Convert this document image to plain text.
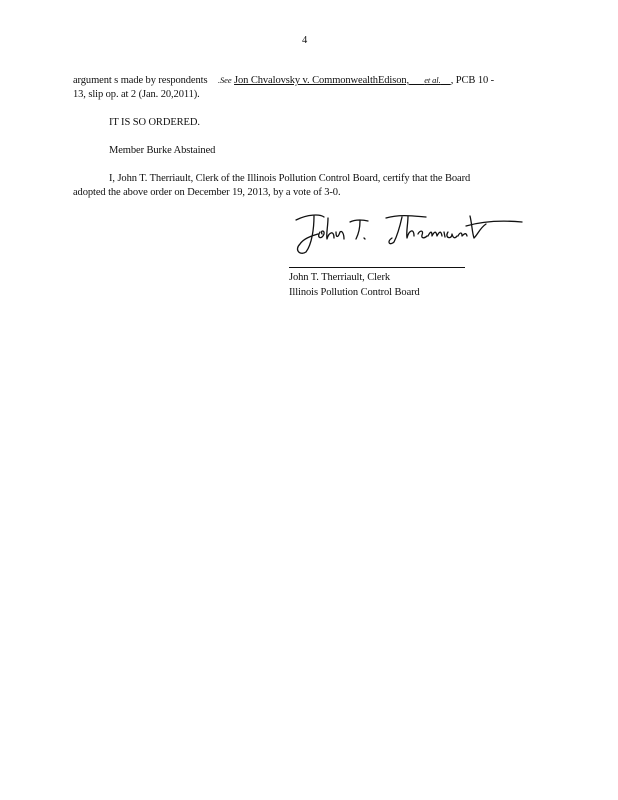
4
argument s made by respondents .See Jon Chvalovsky v. CommonwealthEdison, et al. , PCB 10 -
13, slip op. at 2 (Jan. 20,2011).
IT IS SO ORDERED.
Member Burke Abstained
I, John T. Therriault, Clerk of the Illinois Pollution Control Board, certify that the Board
adopted the above order on December 19, 2013, by a vote of 3-0.
John T. Therriault, Clerk
Illinois Pollution Control Board
